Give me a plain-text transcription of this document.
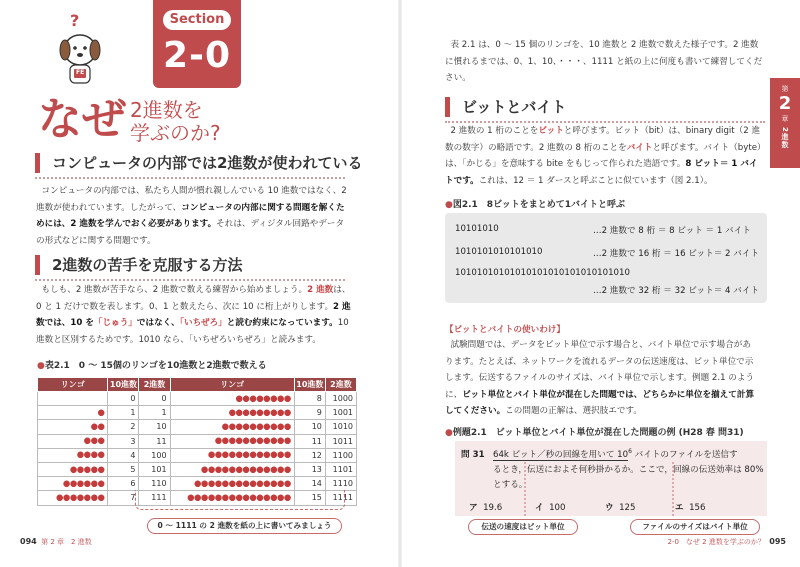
?
FE
Section
2-0
なぜ 2進数を
学ぶのか?
コンピュータの内部では2進数が使われている
コンピュータの内部では、私たち人間が慣れ親しんでいる 10 進数ではなく、2
進数が使われています。したがって、コンピュータの内部に関する問題を解くた
めには、2 進数を学んでおく必要があります。それは、ディジタル回路やデータ
の形式などに関する問題です。
2進数の苦手を克服する方法
もしも、2 進数が苦手なら、2 進数で数える練習から始めましょう。2 進数は、
0 と 1 だけで数を表します。0、1 と数えたら、次に 10 に桁上がりします。2 進
数では、10 を「じゅう」ではなく、「いちぜろ」と読む約束になっています。10
進数と区別するためです。1010 なら、「いちぜろいちぜろ」と読みます。
●表2.1　0 〜 15個のリンゴを10進数と2進数で数える
リンゴ	10進数	2進数	リンゴ	10進数	2進数
	0	0	●●●●●●●●	8	1000
●	1	1	●●●●●●●●●	9	1001
●●	2	10	●●●●●●●●●●	10	1010
●●●	3	11	●●●●●●●●●●●	11	1011
●●●●	4	100	●●●●●●●●●●●●	12	1100
●●●●●	5	101	●●●●●●●●●●●●●	13	1101
●●●●●●	6	110	●●●●●●●●●●●●●●	14	1110
●●●●●●●	7	111	●●●●●●●●●●●●●●●	15	1111
0 〜 1111 の 2 進数を紙の上に書いてみましょう
094 第 2 章　2 進数
表 2.1 は、0 〜 15 個のリンゴを、10 進数と 2 進数で数えた様子です。2 進数
に慣れるまでは、0、1、10、・・・、1111 と紙の上に何度も書いて練習してくだ
さい。
ビットとバイト
2 進数の 1 桁のことをビットと呼びます。ビット（bit）は、binary digit（2 進
数の数字）の略語です。2 進数の 8 桁のことをバイトと呼びます。バイト（byte）
は、「かじる」を意味する bite をもじって作られた造語です。8 ビット＝ 1 バイ
トです。これは、12 ＝ 1 ダースと呼ぶことに似ています（図 2.1）。
●図2.1　8ビットをまとめて1バイトと呼ぶ
10101010	…2 進数で 8 桁 ＝ 8 ビット ＝ 1 バイト
1010101010101010	…2 進数で 16 桁 ＝ 16 ビット＝ 2 バイト
10101010101010101010101010101010
…2 進数で 32 桁 ＝ 32 ビット＝ 4 バイト
【ビットとバイトの使いわけ】
試験問題では、データをビット単位で示す場合と、バイト単位で示す場合があ
ります。たとえば、ネットワークを流れるデータの伝送速度は、ビット単位で示
します。伝送するファイルのサイズは、バイト単位で示します。例題 2.1 のよう
に、ビット単位とバイト単位が混在した問題では、どちらかに単位を揃えて計算
してください。この問題の正解は、選択肢エです。
●例題2.1　ビット単位とバイト単位が混在した問題の例 (H28 春 問31)
問 31 64k ビット／秒の回線を用いて $10^6$ バイトのファイルを送信す
るとき，伝送におよそ何秒掛かるか。ここで，回線の伝送効率は 80%
とする。
ア 19.6	イ 100	ウ 125	エ 156
伝送の速度はビット単位	ファイルのサイズはバイト単位
第
2
章
2進数
2-0　なぜ 2 進数を学ぶのか？ 095
